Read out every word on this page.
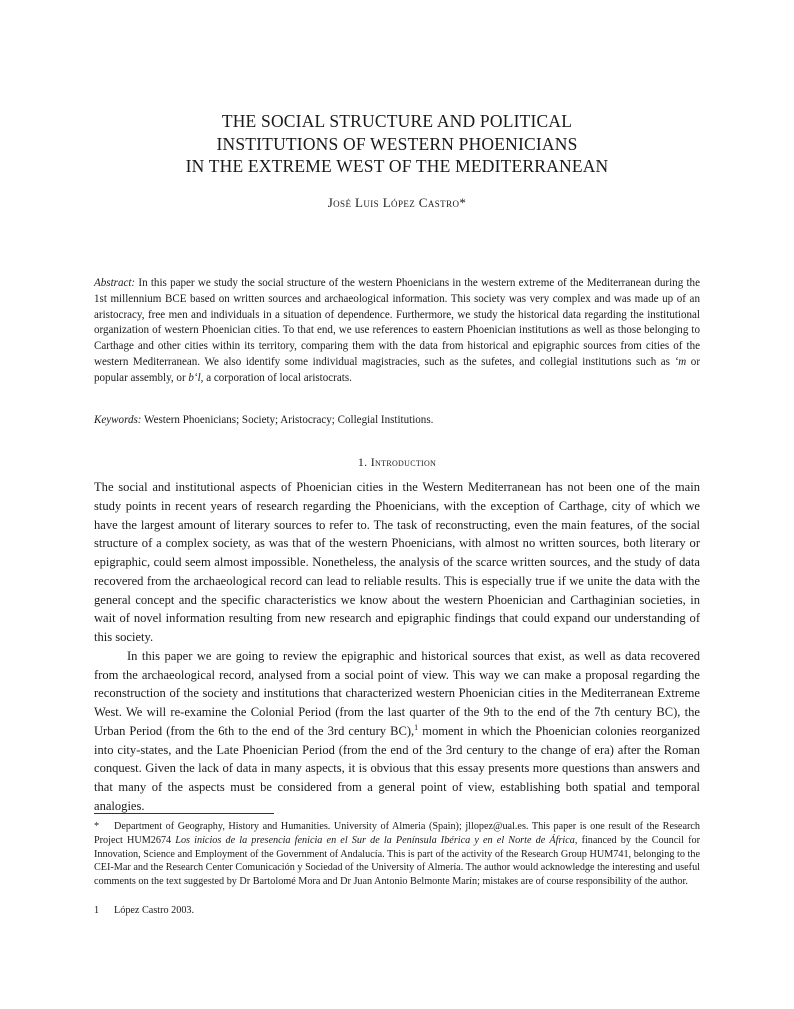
THE SOCIAL STRUCTURE AND POLITICAL
INSTITUTIONS OF WESTERN PHOENICIANS
IN THE EXTREME WEST OF THE MEDITERRANEAN
José Luis López Castro*
Abstract: In this paper we study the social structure of the western Phoenicians in the western extreme of the Mediterranean during the 1st millennium BCE based on written sources and archaeological information. This society was very complex and was made up of an aristocracy, free men and individuals in a situation of dependence. Furthermore, we study the historical data regarding the institutional organization of western Phoenician cities. To that end, we use references to eastern Phoenician institutions as well as those belonging to Carthage and other cities within its territory, comparing them with the data from historical and epigraphic sources from cities of the western Mediterranean. We also identify some individual magistracies, such as the sufetes, and collegial institutions such as ‘m or popular assembly, or b‘l, a corporation of local aristocrats.
Keywords: Western Phoenicians; Society; Aristocracy; Collegial Institutions.
1. Introduction

The social and institutional aspects of Phoenician cities in the Western Mediterranean has not been one of the main study points in recent years of research regarding the Phoenicians, with the exception of Carthage, city of which we have the largest amount of literary sources to refer to. The task of reconstructing, even the main features, of the social structure of a complex society, as was that of the western Phoenicians, with almost no written sources, both literary or epigraphic, could seem almost impossible. Nonetheless, the analysis of the scarce written sources, and the study of data recovered from the archaeological record can lead to reliable results. This is especially true if we unite the data with the general concept and the specific characteristics we know about the western Phoenician and Carthaginian societies, in wait of novel information resulting from new research and epigraphic findings that could expand our understanding of this society.

In this paper we are going to review the epigraphic and historical sources that exist, as well as data recovered from the archaeological record, analysed from a social point of view. This way we can make a proposal regarding the reconstruction of the society and institutions that characterized western Phoenician cities in the Mediterranean Extreme West. We will re-examine the Colonial Period (from the last quarter of the 9th to the end of the 7th century BC), the Urban Period (from the 6th to the end of the 3rd century BC),$^1$ moment in which the Phoenician colonies reorganized into city-states, and the Late Phoenician Period (from the end of the 3rd century to the change of era) after the Roman conquest. Given the lack of data in many aspects, it is obvious that this essay presents more questions than answers and that many of the aspects must be considered from a general point of view, establishing both spatial and temporal analogies.

* Department of Geography, History and Humanities. University of Almeria (Spain); jllopez@ual.es. This paper is one result of the Research Project HUM2674 Los inicios de la presencia fenicia en el Sur de la Península Ibérica y en el Norte de África, financed by the Council for Innovation, Science and Employment of the Government of Andalucía. This is part of the activity of the Research Group HUM741, belonging to the CEI-Mar and the Research Center Comunicación y Sociedad of the University of Almería. The author would acknowledge the interesting and useful comments on the text suggested by Dr Bartolomé Mora and Dr Juan Antonio Belmonte Marín; mistakes are of course responsibility of the author.
1 López Castro 2003.
